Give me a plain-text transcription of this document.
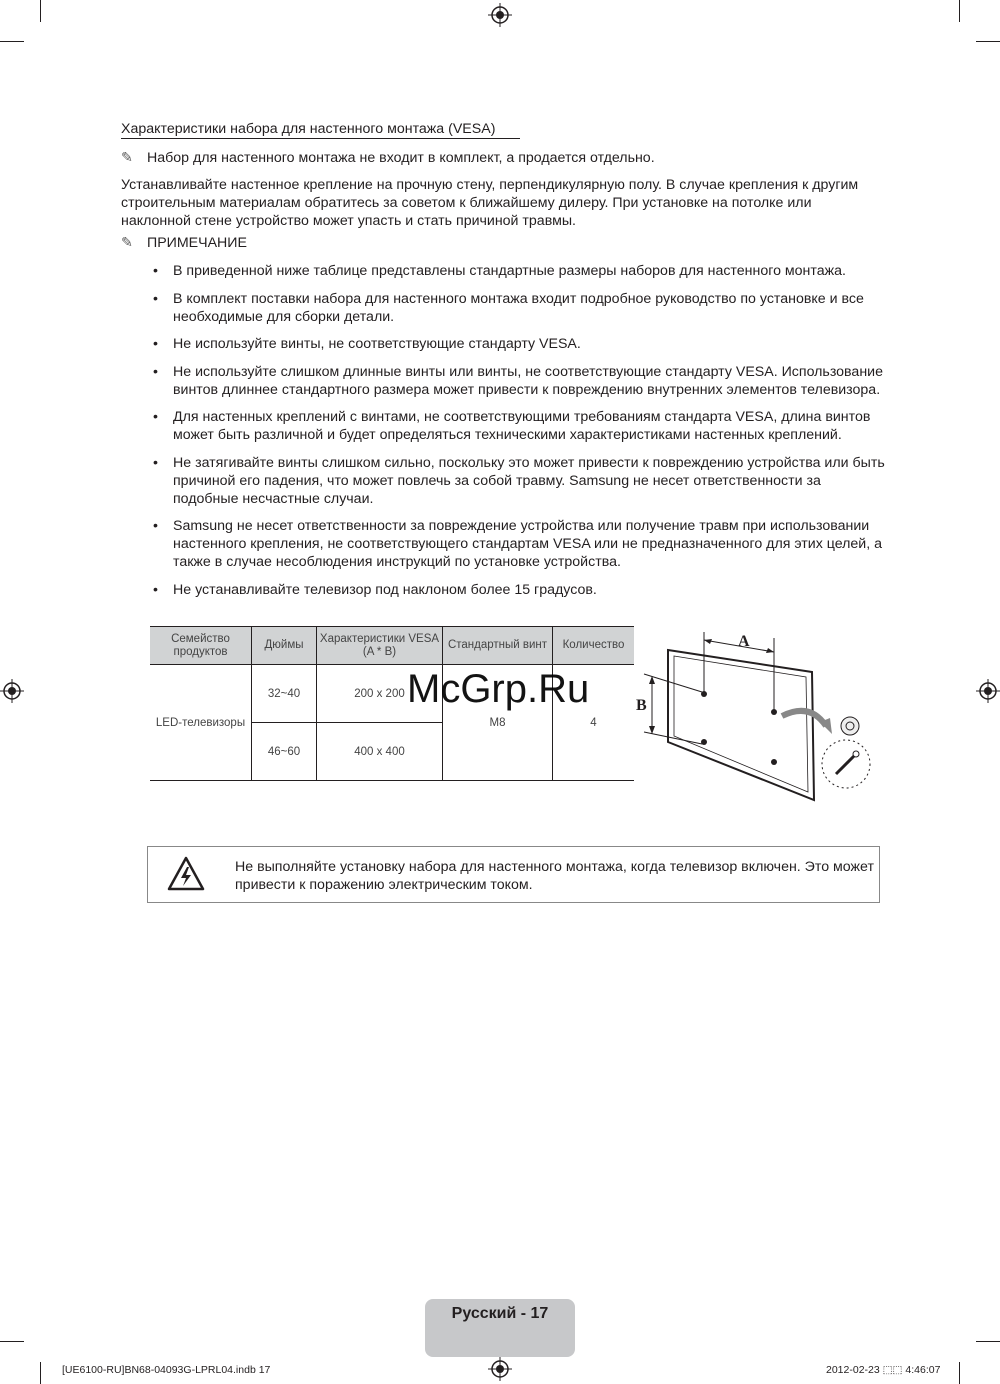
Характеристики набора для настенного монтажа (VESA)
✎ Набор для настенного монтажа не входит в комплект, а продается отдельно.
Устанавливайте настенное крепление на прочную стену, перпендикулярную полу. В случае крепления к другим строительным материалам обратитесь за советом к ближайшему дилеру. При установке на потолке или наклонной стене устройство может упасть и стать причиной травмы.
✎ ПРИМЕЧАНИЕ
• В приведенной ниже таблице представлены стандартные размеры наборов для настенного монтажа.
• В комплект поставки набора для настенного монтажа входит подробное руководство по установке и все необходимые для сборки детали.
• Не используйте винты, не соответствующие стандарту VESA.
• Не используйте слишком длинные винты или винты, не соответствующие стандарту VESA. Использование винтов длиннее стандартного размера может привести к повреждению внутренних элементов телевизора.
• Для настенных креплений с винтами, не соответствующими требованиям стандарта VESA, длина винтов может быть различной и будет определяться техническими характеристиками настенных креплений.
• Не затягивайте винты слишком сильно, поскольку это может привести к повреждению устройства или быть причиной его падения, что может повлечь за собой травму. Samsung не несет ответственности за подобные несчастные случаи.
• Samsung не несет ответственности за повреждение устройства или получение травм при использовании настенного крепления, не соответствующего стандартам VESA или не предназначенного для этих целей, а также в случае несоблюдения инструкций по установке устройства.
• Не устанавливайте телевизор под наклоном более 15 градусов.
Семейство продуктов	Дюймы	Характеристики VESA (A * B)	Стандартный винт	Количество
LED-телевизоры	32~40	200 x 200	M8	4
	46~60	400 x 400		
A
B
McGrp.Ru
Не выполняйте установку набора для настенного монтажа, когда телевизор включен. Это может привести к поражению электрическим током.
Русский - 17
[UE6100-RU]BN68-04093G-LPRL04.indb 17	2012-02-23 ⬚⬚ 4:46:07
